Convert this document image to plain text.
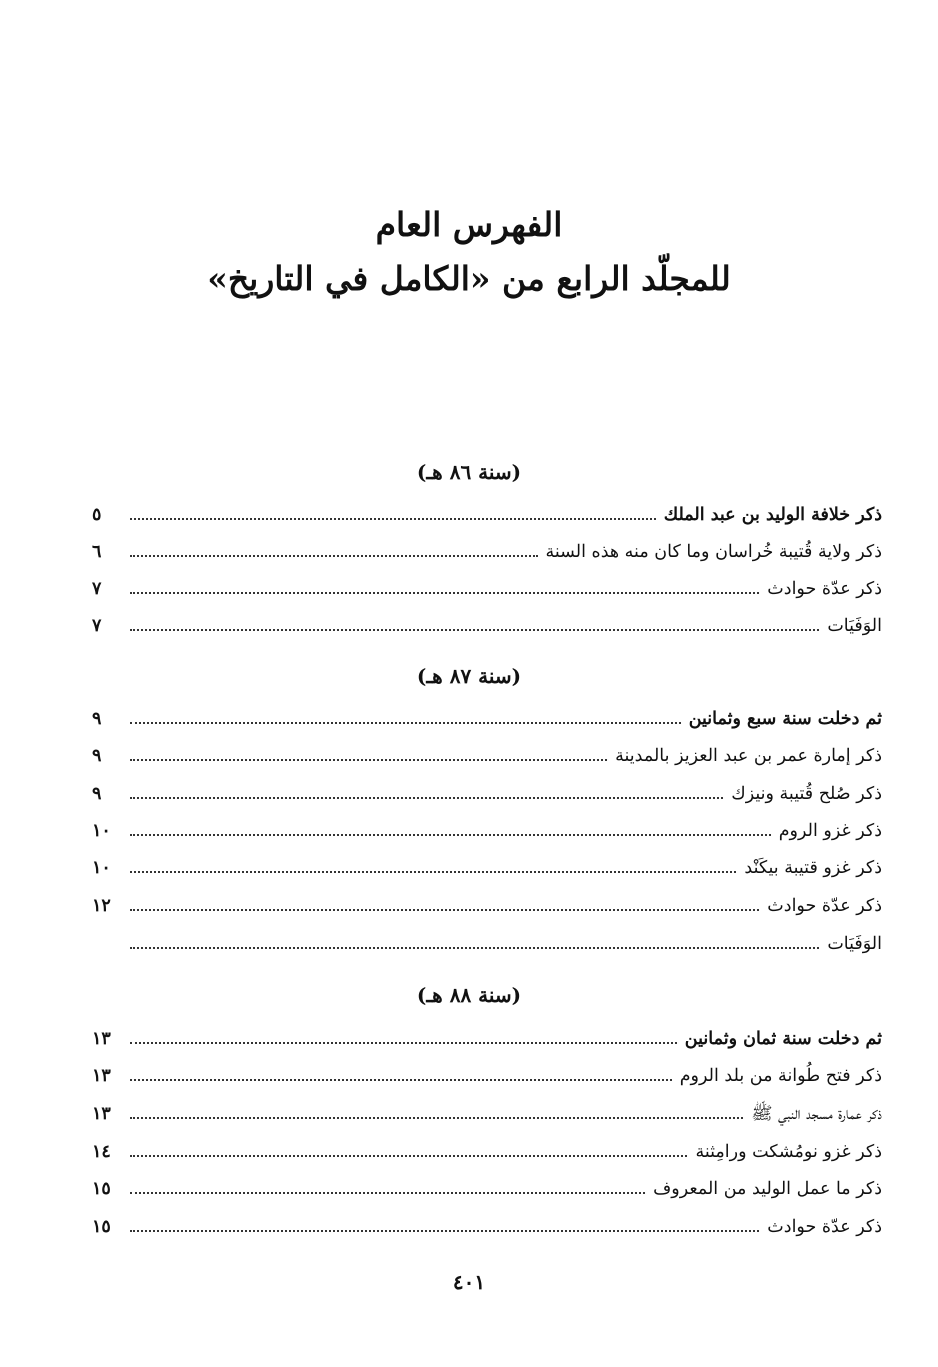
الفهرس العام
للمجلّد الرابع من «الكامل في التاريخ»
(سنة ٨٦ هـ)
ذكر خلافة الوليد بن عبد الملك
٥
ذكر ولاية قُتيبة خُراسان وما كان منه هذه السنة
٦
ذكر عدّة حوادث
٧
الوَفَيَات
٧
(سنة ٨٧ هـ)
ثم دخلت سنة سبع وثمانين
٩
ذكر إمارة عمر بن عبد العزيز بالمدينة
٩
ذكر صُلح قُتيبة ونيزك
٩
ذكر غزو الروم
١٠
ذكر غزو قتيبة بيكَنْد
١٠
ذكر عدّة حوادث
١٢
الوَفَيَات
(سنة ٨٨ هـ)
ثم دخلت سنة ثمان وثمانين
١٣
ذكر فتح طُوانة من بلد الروم
١٣
ذكر عمارة مسجد النبي ﷺ
١٣
ذكر غزو نومُشكت ورامِثنة
١٤
ذكر ما عمل الوليد من المعروف
١٥
ذكر عدّة حوادث
١٥
٤٠١
